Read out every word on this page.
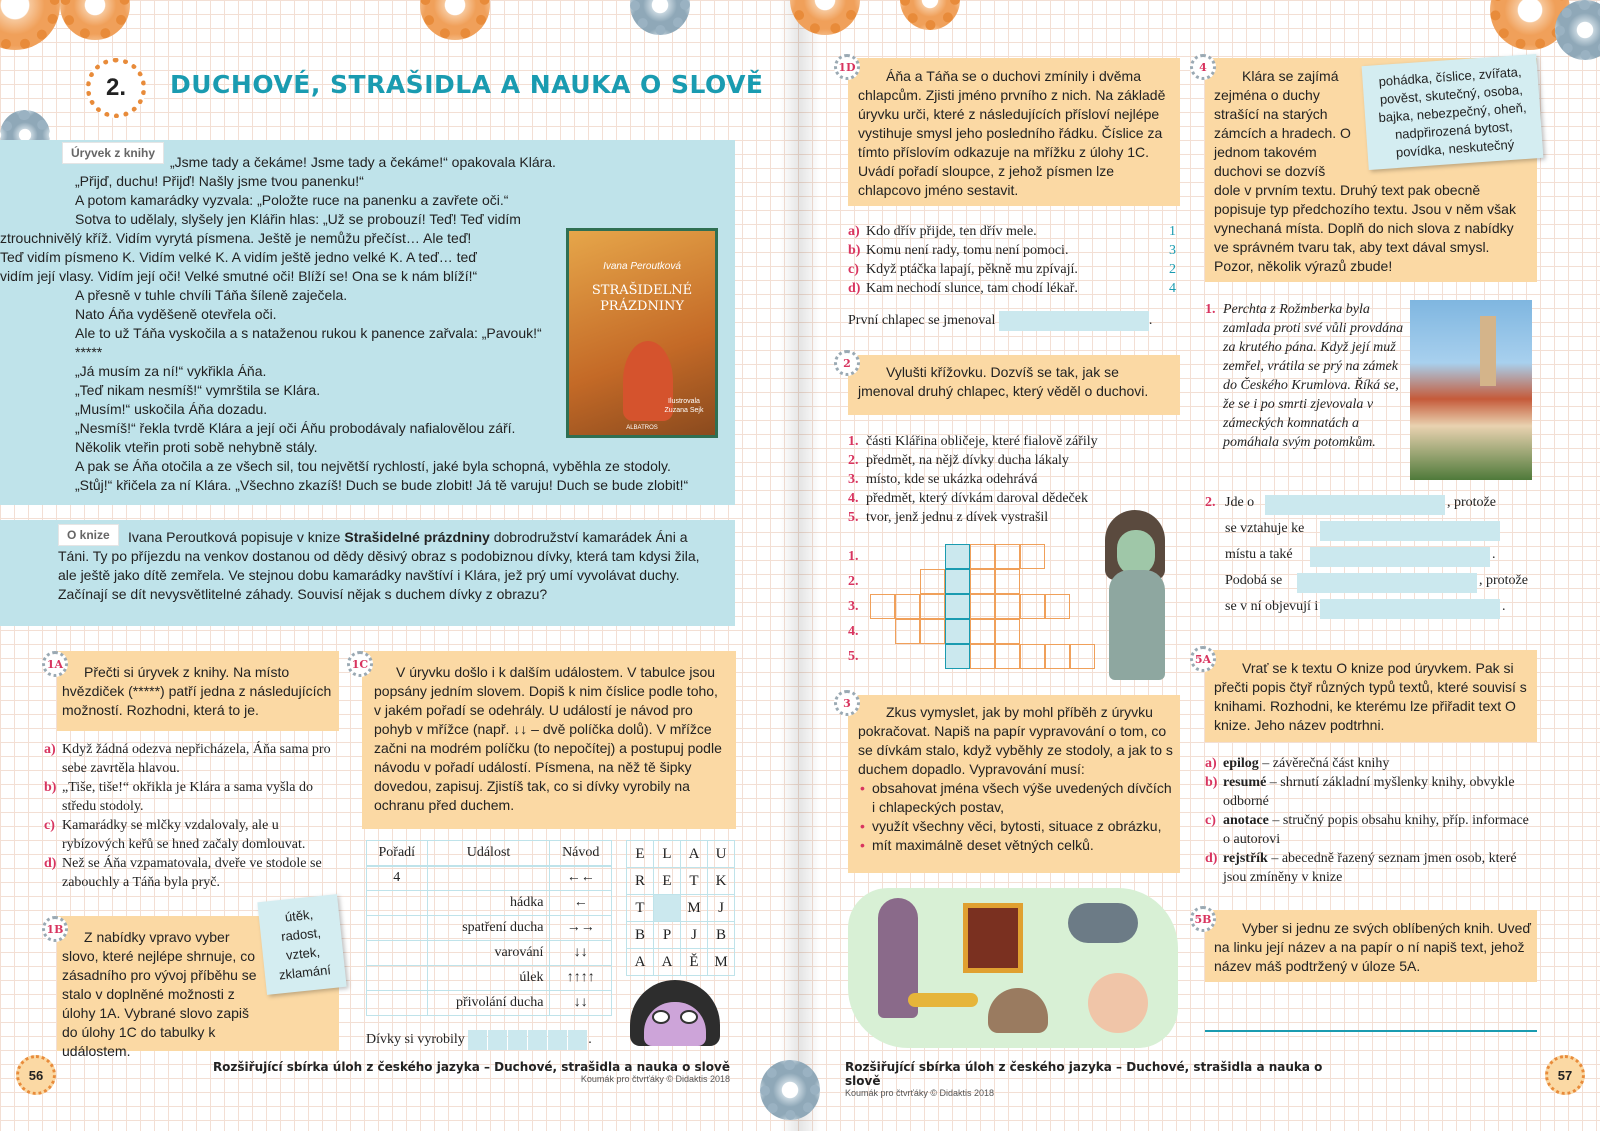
2.	DUCHOVÉ, STRAŠIDLA A NAUKA O SLOVĚ
Úryvek z knihy
„Jsme tady a čekáme! Jsme tady a čekáme!“ opakovala Klára.
„Přijď, duchu! Přijď! Našly jsme tvou panenku!“
A potom kamarádky vyzvala: „Položte ruce na panenku a zavřete oči.“
Sotva to udělaly, slyšely jen Klářin hlas: „Už se probouzí! Teď! Teď vidím
ztrouchnivělý kříž. Vidím vyrytá písmena. Ještě je nemůžu přečíst… Ale teď!
Teď vidím písmeno K. Vidím velké K. A vidím ještě jedno velké K. A teď… teď
vidím její vlasy. Vidím její oči! Velké smutné oči! Blíží se! Ona se k nám blíží!“
A přesně v tuhle chvíli Táňa šíleně zaječela.
Nato Áňa vyděšeně otevřela oči.
Ale to už Táňa vyskočila a s nataženou rukou k panence zařvala: „Pavouk!“
*****
„Já musím za ní!“ vykřikla Áňa.
„Teď nikam nesmíš!“ vymrštila se Klára.
„Musím!“ uskočila Áňa dozadu.
„Nesmíš!“ řekla tvrdě Klára a její oči Áňu probodávaly nafialovělou září.
Několik vteřin proti sobě nehybně stály.
A pak se Áňa otočila a ze všech sil, tou největší rychlostí, jaké byla schopná, vyběhla ze stodoly.
„Stůj!“ křičela za ní Klára. „Všechno zkazíš! Duch se bude zlobit! Já tě varuju! Duch se bude zlobit!“
Ivana Peroutková
STRAŠIDELNÉ
PRÁZDNINY
Ilustrovala Zuzana Sejk
ALBATROS
O knize	Ivana Peroutková popisuje v knize Strašidelné prázdniny dobrodružství kamarádek Áni a Táni. Ty po příjezdu na venkov dostanou od dědy děsivý obraz s podobiznou dívky, která tam kdysi žila, ale ještě jako dítě zemřela. Ve stejnou dobu kamarádky navštíví i Klára, jež prý umí vyvolávat duchy. Začínají se dít nevysvětlitelné záhady. Souvisí nějak s duchem dívky z obrazu?
1A	Přečti si úryvek z knihy. Na místo hvězdiček (*****) patří jedna z následujících možností. Rozhodni, která to je.
a) Když žádná odezva nepřicházela, Áňa sama pro sebe zavrtěla hlavou.
b) „Tiše, tiše!“ okřikla je Klára a sama vyšla do středu stodoly.
c) Kamarádky se mlčky vzdalovaly, ale u rybízových keřů se hned začaly domlouvat.
d) Než se Áňa vzpamatovala, dveře ve stodole se zabouchly a Táňa byla pryč.
1B	Z nabídky vpravo vyber slovo, které nejlépe shrnuje, co zásadního pro vývoj příběhu se stalo v doplněné možnosti z úlohy 1A. Vybrané slovo zapiš do úlohy 1C do tabulky k událostem.
útěk,
radost,
vztek,
zklamání
1C	V úryvku došlo i k dalším událostem. V tabulce jsou popsány jedním slovem. Dopiš k nim číslice podle toho, v jakém pořadí se odehrály. U událostí je návod pro pohyb v mřížce (např. ↓↓ – dvě políčka dolů). V mřížce začni na modrém políčku (to nepočítej) a postupuj podle návodu v pořadí událostí. Písmena, na něž tě šipky dovedou, zapisuj. Zjistíš tak, co si dívky vyrobily na ochranu před duchem.
Pořadí	Událost	Návod
4		←←
	hádka	←
	spatření ducha	→→
	varování	↓↓
	úlek	↑↑↑↑
	přivolání ducha	↓↓
E	L	A	U
R	E	T	K
T		M	J
B	P	J	B
A	A	Ě	M
Dívky si vyrobily	.
56
Rozšiřující sbírka úloh z českého jazyka – Duchové, strašidla a nauka o slově
Koumák pro čtvrťáky © Didaktis 2018
1D
Áňa a Táňa se o duchovi zmínily i dvěma chlapcům. Zjisti jméno prvního z nich. Na základě úryvku urči, které z následujících přísloví nejlépe vystihuje smysl jeho posledního řádku. Číslice za tímto příslovím odkazuje na mřížku z úlohy 1C. Uvádí pořadí sloupce, z jehož písmen lze chlapcovo jméno sestavit.
a) Kdo dřív přijde, ten dřív mele.	1
b) Komu není rady, tomu není pomoci.	3
c) Když ptáčka lapají, pěkně mu zpívají.	2
d) Kam nechodí slunce, tam chodí lékař.	4
První chlapec se jmenoval	.
2
Vylušti křížovku. Dozvíš se tak, jak se jmenoval druhý chlapec, který věděl o duchovi.
1. části Klářina obličeje, které fialově zářily
2. předmět, na nějž dívky ducha lákaly
3. místo, kde se ukázka odehrává
4. předmět, který dívkám daroval dědeček
5. tvor, jenž jednu z dívek vystrašil
1.
2.
3.
4.
5.
3
Zkus vymyslet, jak by mohl příběh z úryvku pokračovat. Napiš na papír vypravování o tom, co se dívkám stalo, když vyběhly ze stodoly, a jak to s duchem dopadlo. Vypravování musí:
• obsahovat jména všech výše uvedených dívčích i chlapeckých postav,
• využít všechny věci, bytosti, situace z obrázku,
• mít maximálně deset větných celků.
4
Klára se zajímá zejména o duchy strašící na starých zámcích a hradech. O jednom takovém duchovi se dozvíš
dole v prvním textu. Druhý text pak obecně popisuje typ předchozího textu. Jsou v něm však vynechaná místa. Doplň do nich slova z nabídky ve správném tvaru tak, aby text dával smysl. Pozor, několik výrazů zbude!
pohádka, číslice, zvířata, pověst, skutečný, osoba, bajka, nebezpečný, oheň, nadpřirozená bytost, povídka, neskutečný
1. Perchta z Rožmberka byla zamlada proti své vůli provdána za krutého pána. Když její muž zemřel, vrátila se prý na zámek do Českého Krumlova. Říká se, že se i po smrti zjevovala v zámeckých komnatách a pomáhala svým potomkům.
2. Jde o	, protože
se vztahuje ke
místu a také	.
Podobá se	, protože
se v ní objevují i	.
5A
Vrať se k textu O knize pod úryvkem. Pak si přečti popis čtyř různých typů textů, které souvisí s knihami. Rozhodni, ke kterému lze přiřadit text O knize. Jeho název podtrhni.
a) epilog – závěrečná část knihy
b) resumé – shrnutí základní myšlenky knihy, obvykle odborné
c) anotace – stručný popis obsahu knihy, příp. informace o autorovi
d) rejstřík – abecedně řazený seznam jmen osob, které jsou zmíněny v knize
5B
Vyber si jednu ze svých oblíbených knih. Uveď na linku její název a na papír o ní napiš text, jehož název máš podtržený v úloze 5A.
Rozšiřující sbírka úloh z českého jazyka – Duchové, strašidla a nauka o slově
Koumák pro čtvrťáky © Didaktis 2018
57
